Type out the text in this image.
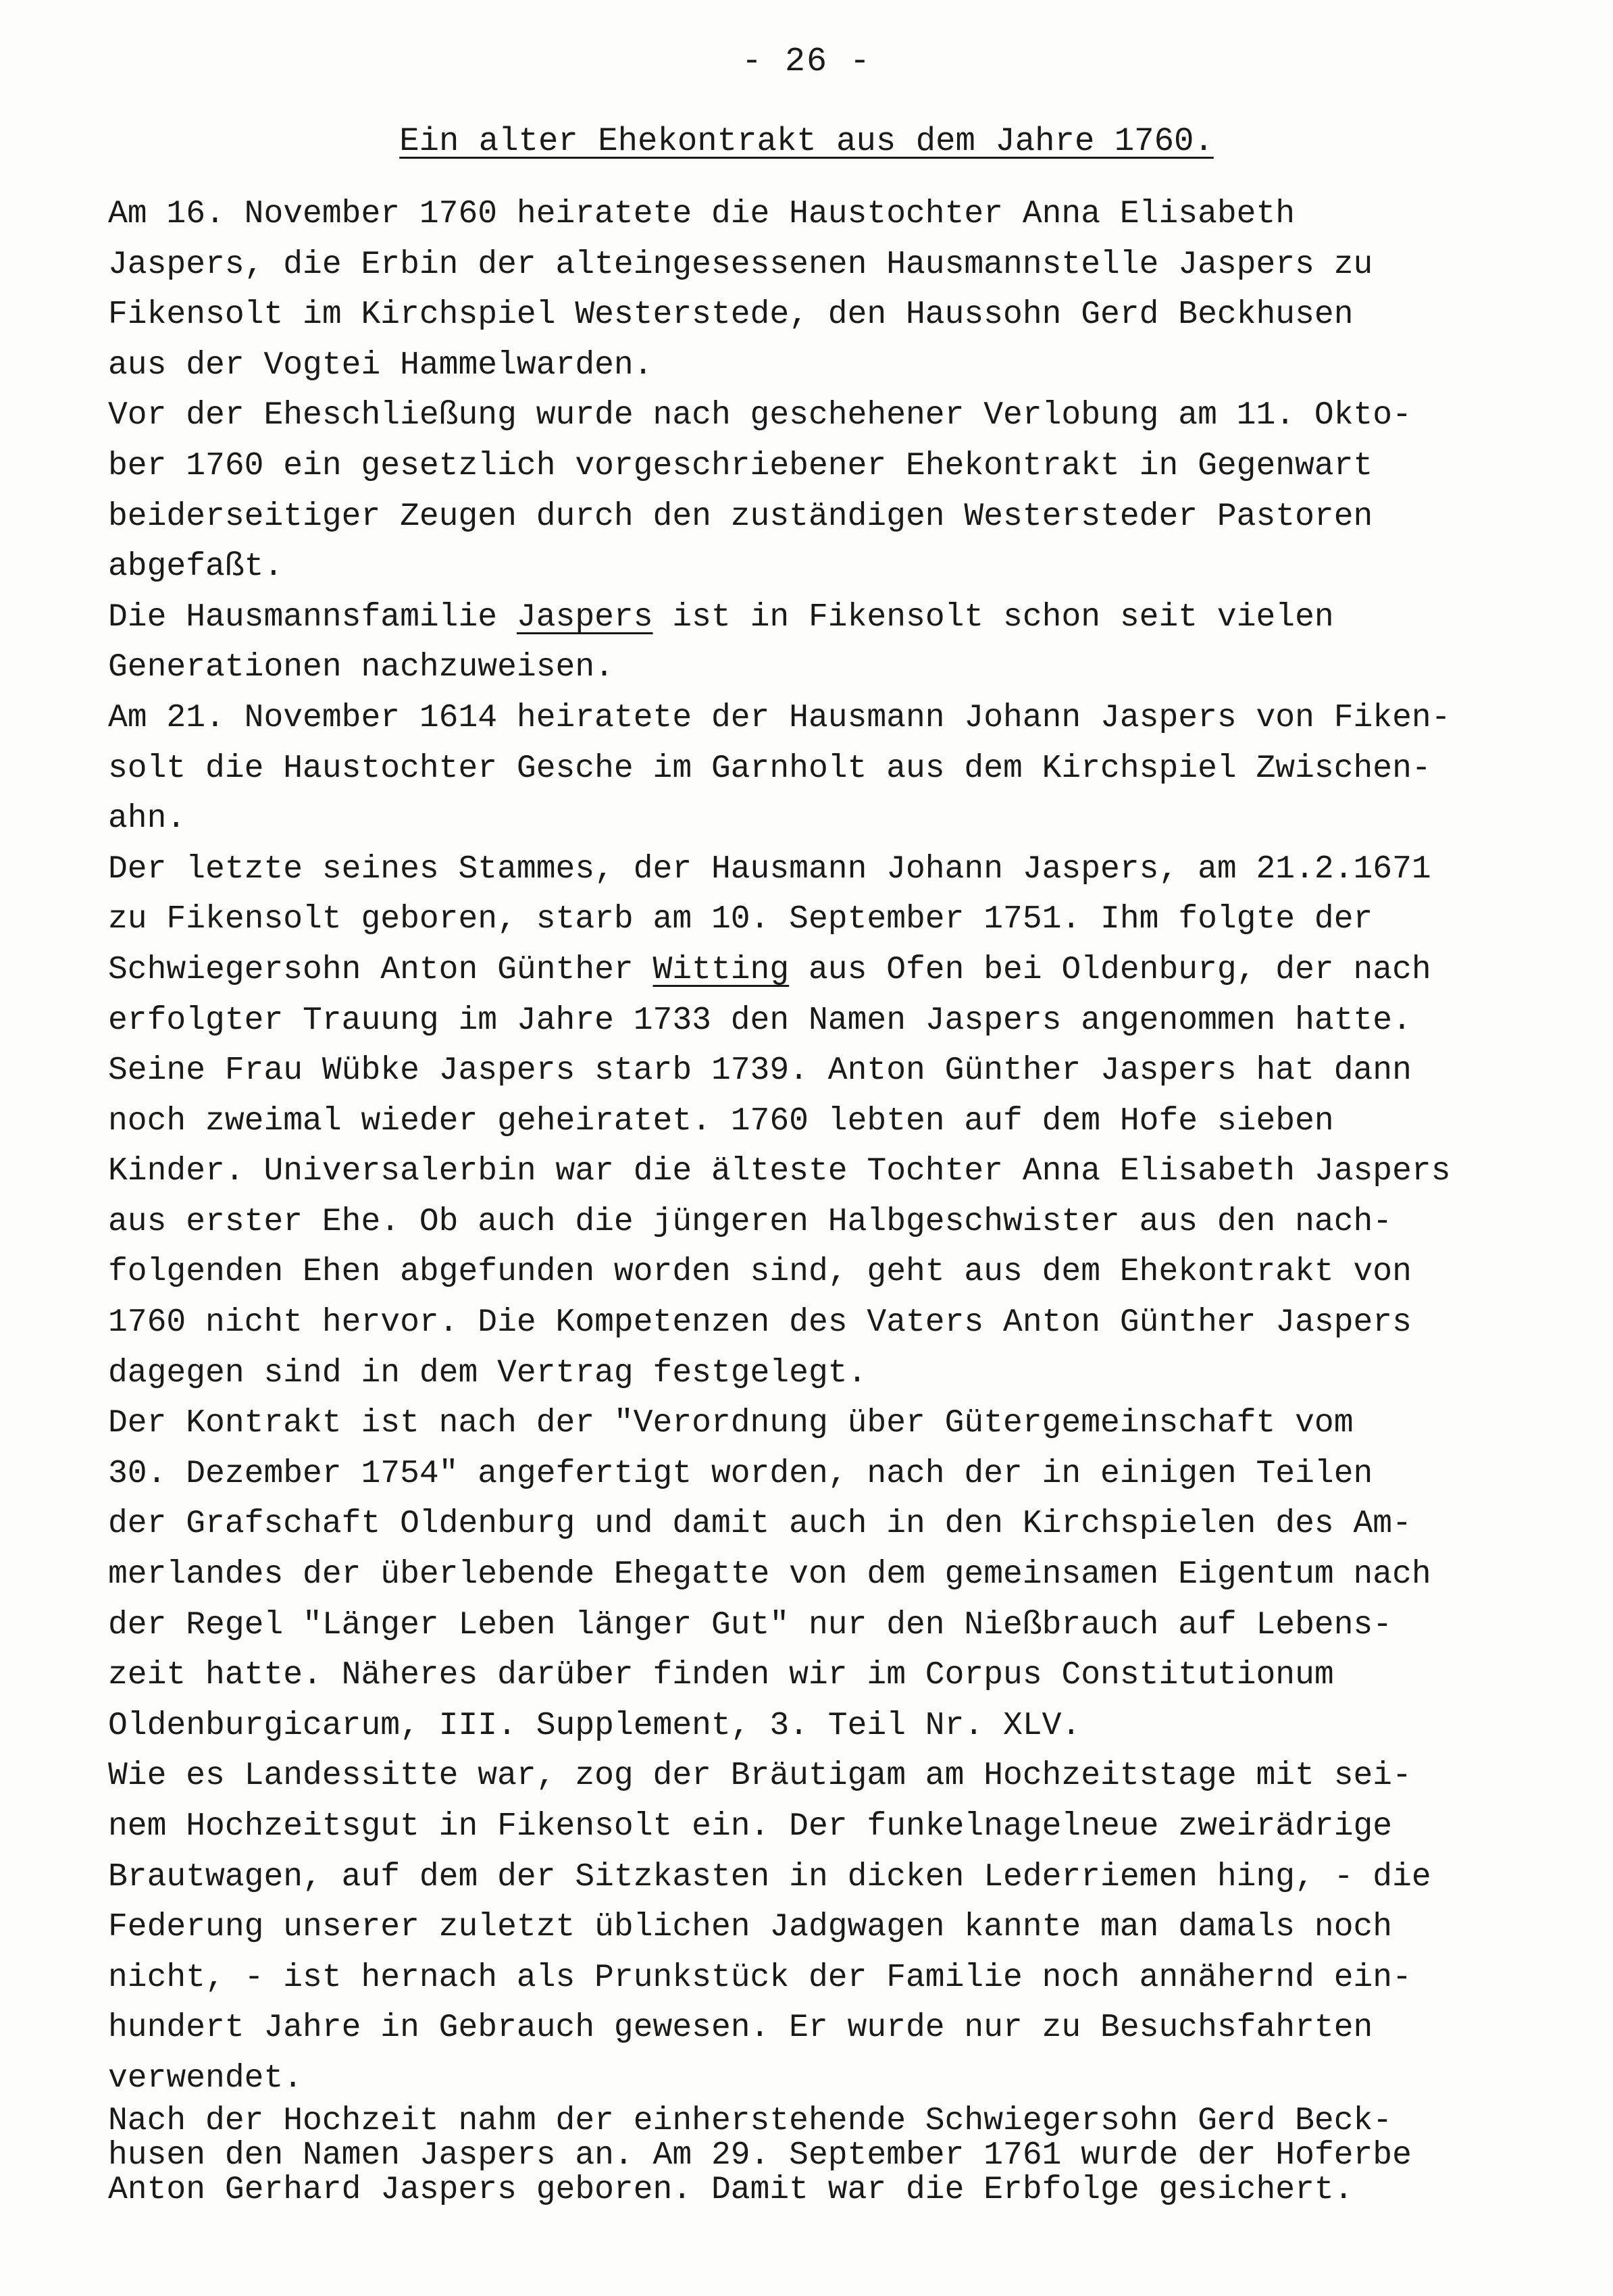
- 26 -
Ein alter Ehekontrakt aus dem Jahre 1760.
Am 16. November 1760 heiratete die Haustochter Anna Elisabeth
Jaspers, die Erbin der alteingesessenen Hausmannstelle Jaspers zu
Fikensolt im Kirchspiel Westerstede, den Haussohn Gerd Beckhusen
aus der Vogtei Hammelwarden.
Vor der Eheschließung wurde nach geschehener Verlobung am 11. Okto-
ber 1760 ein gesetzlich vorgeschriebener Ehekontrakt in Gegenwart
beiderseitiger Zeugen durch den zuständigen Westersteder Pastoren
abgefaßt.
Die Hausmannsfamilie Jaspers ist in Fikensolt schon seit vielen
Generationen nachzuweisen.
Am 21. November 1614 heiratete der Hausmann Johann Jaspers von Fiken-
solt die Haustochter Gesche im Garnholt aus dem Kirchspiel Zwischen-
ahn.
Der letzte seines Stammes, der Hausmann Johann Jaspers, am 21.2.1671
zu Fikensolt geboren, starb am 10. September 1751. Ihm folgte der
Schwiegersohn Anton Günther Witting aus Ofen bei Oldenburg, der nach
erfolgter Trauung im Jahre 1733 den Namen Jaspers angenommen hatte.
Seine Frau Wübke Jaspers starb 1739. Anton Günther Jaspers hat dann
noch zweimal wieder geheiratet. 1760 lebten auf dem Hofe sieben
Kinder. Universalerbin war die älteste Tochter Anna Elisabeth Jaspers
aus erster Ehe. Ob auch die jüngeren Halbgeschwister aus den nach-
folgenden Ehen abgefunden worden sind, geht aus dem Ehekontrakt von
1760 nicht hervor. Die Kompetenzen des Vaters Anton Günther Jaspers
dagegen sind in dem Vertrag festgelegt.
Der Kontrakt ist nach der "Verordnung über Gütergemeinschaft vom
30. Dezember 1754" angefertigt worden, nach der in einigen Teilen
der Grafschaft Oldenburg und damit auch in den Kirchspielen des Am-
merlandes der überlebende Ehegatte von dem gemeinsamen Eigentum nach
der Regel "Länger Leben länger Gut" nur den Nießbrauch auf Lebens-
zeit hatte. Näheres darüber finden wir im Corpus Constitutionum
Oldenburgicarum, III. Supplement, 3. Teil Nr. XLV.
Wie es Landessitte war, zog der Bräutigam am Hochzeitstage mit sei-
nem Hochzeitsgut in Fikensolt ein. Der funkelnagelneue zweirädrige
Brautwagen, auf dem der Sitzkasten in dicken Lederriemen hing, - die
Federung unserer zuletzt üblichen Jadgwagen kannte man damals noch
nicht, - ist hernach als Prunkstück der Familie noch annähernd ein-
hundert Jahre in Gebrauch gewesen. Er wurde nur zu Besuchsfahrten
verwendet.
Nach der Hochzeit nahm der einherstehende Schwiegersohn Gerd Beck-
husen den Namen Jaspers an. Am 29. September 1761 wurde der Hoferbe
Anton Gerhard Jaspers geboren. Damit war die Erbfolge gesichert.
